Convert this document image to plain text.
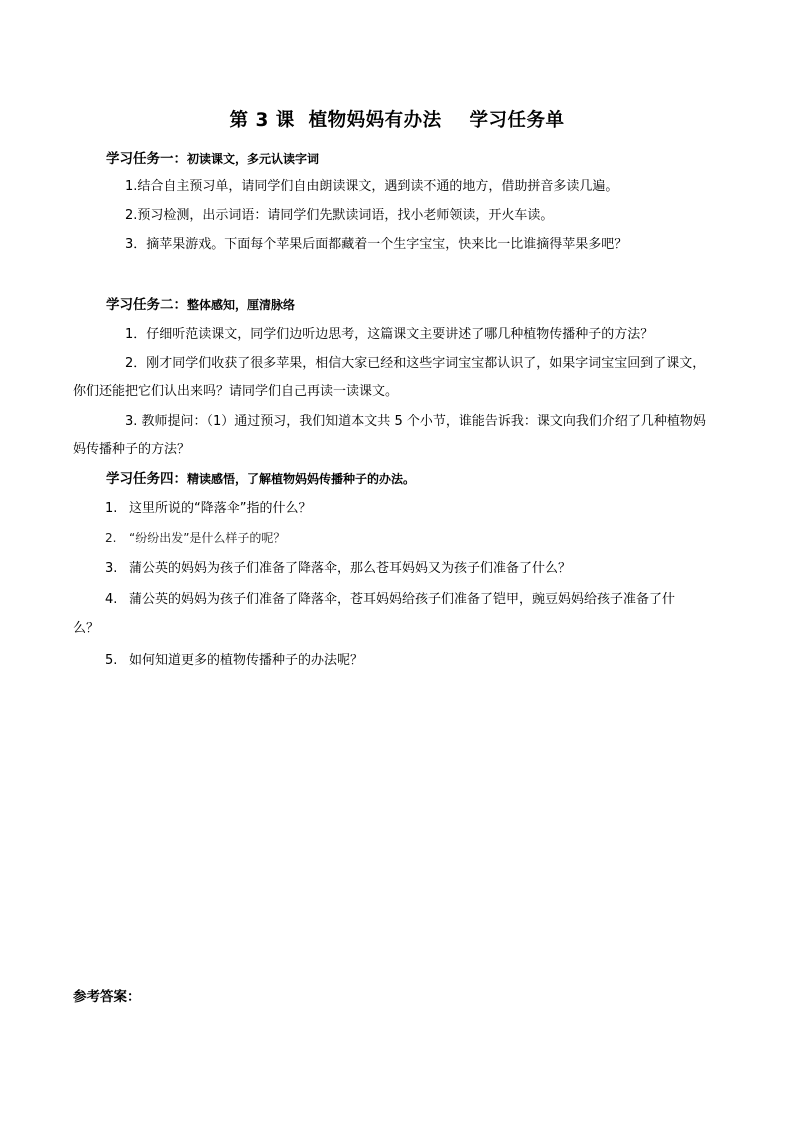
第 3 课  植物妈妈有办法    学习任务单
学习任务一：初读课文，多元认读字词
1.结合自主预习单，请同学们自由朗读课文，遇到读不通的地方，借助拼音多读几遍。
2.预习检测，出示词语：请同学们先默读词语，找小老师领读，开火车读。
3．摘苹果游戏。下面每个苹果后面都藏着一个生字宝宝，快来比一比谁摘得苹果多吧？
学习任务二：整体感知，厘清脉络
1．仔细听范读课文，同学们边听边思考，这篇课文主要讲述了哪几种植物传播种子的方法？
2．刚才同学们收获了很多苹果，相信大家已经和这些字词宝宝都认识了，如果字词宝宝回到了课文，
你们还能把它们认出来吗？请同学们自己再读一读课文。
3. 教师提问：（1）通过预习，我们知道本文共 5 个小节，谁能告诉我：课文向我们介绍了几种植物妈
妈传播种子的方法？
学习任务四：精读感悟，了解植物妈妈传播种子的办法。
1. 这里所说的“降落伞”指的什么？
2. “纷纷出发”是什么样子的呢？
3. 蒲公英的妈妈为孩子们准备了降落伞，那么苍耳妈妈又为孩子们准备了什么？
4. 蒲公英的妈妈为孩子们准备了降落伞，苍耳妈妈给孩子们准备了铠甲，豌豆妈妈给孩子准备了什
么？
5. 如何知道更多的植物传播种子的办法呢？
参考答案：
